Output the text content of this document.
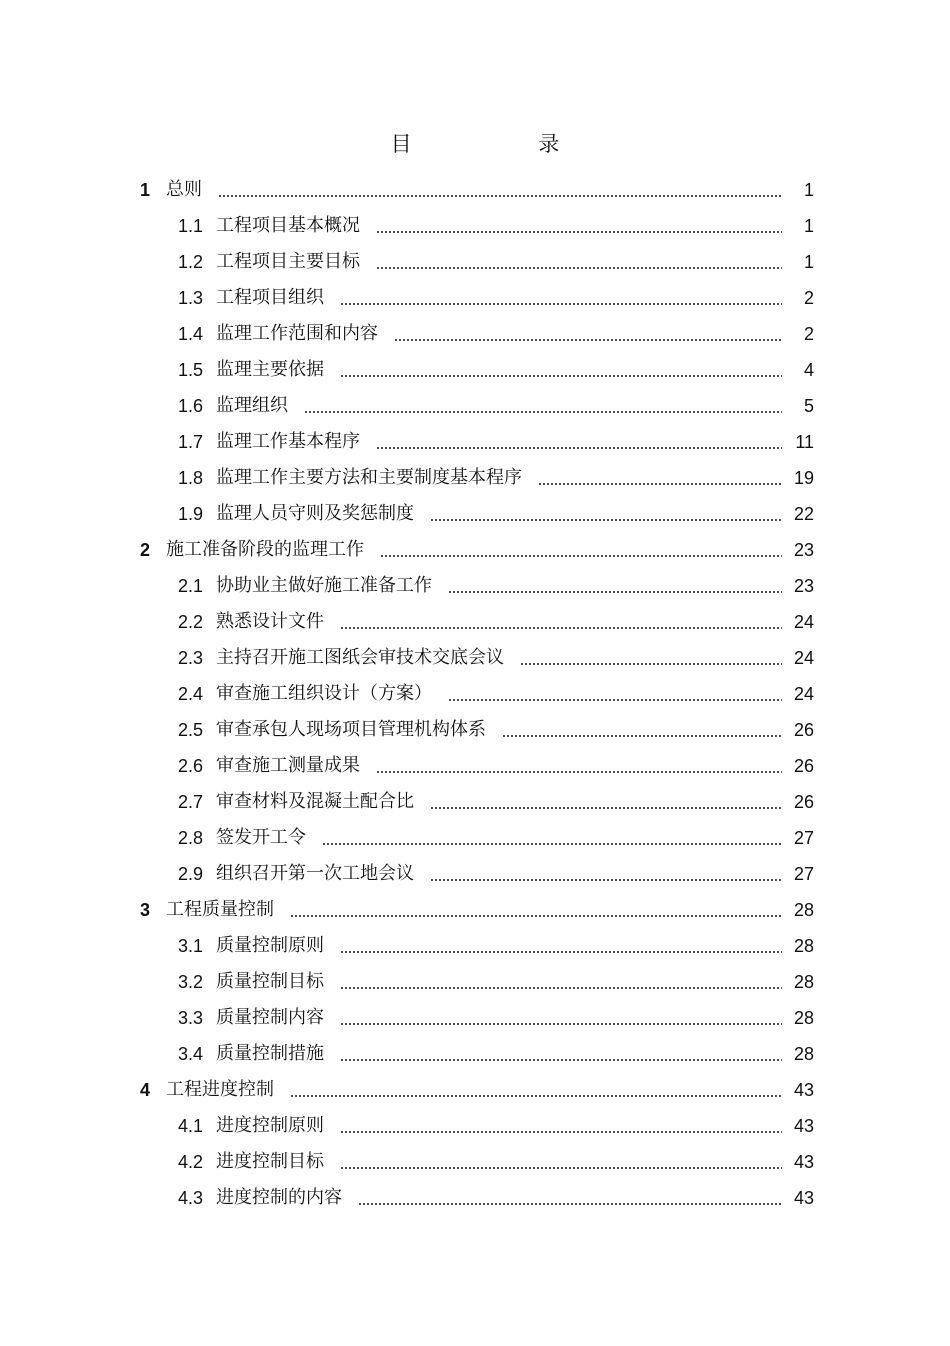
目 录
1 总则	1
1.1 工程项目基本概况	1
1.2 工程项目主要目标	1
1.3 工程项目组织	2
1.4 监理工作范围和内容	2
1.5 监理主要依据	4
1.6 监理组织	5
1.7 监理工作基本程序	11
1.8 监理工作主要方法和主要制度基本程序	19
1.9 监理人员守则及奖惩制度	22
2 施工准备阶段的监理工作	23
2.1 协助业主做好施工准备工作	23
2.2 熟悉设计文件	24
2.3 主持召开施工图纸会审技术交底会议	24
2.4 审查施工组织设计（方案）	24
2.5 审查承包人现场项目管理机构体系	26
2.6 审查施工测量成果	26
2.7 审查材料及混凝土配合比	26
2.8 签发开工令	27
2.9 组织召开第一次工地会议	27
3 工程质量控制	28
3.1 质量控制原则	28
3.2 质量控制目标	28
3.3 质量控制内容	28
3.4 质量控制措施	28
4 工程进度控制	43
4.1 进度控制原则	43
4.2 进度控制目标	43
4.3 进度控制的内容	43
